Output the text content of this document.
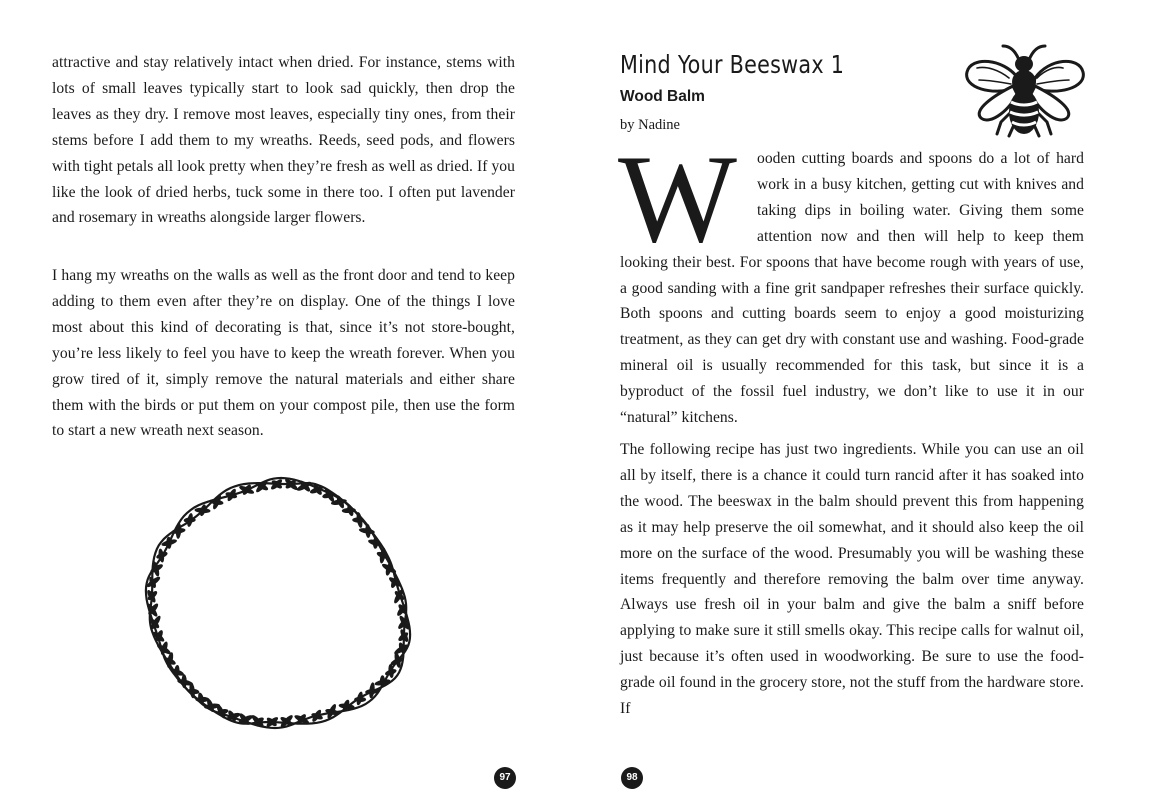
attractive and stay relatively intact when dried. For instance, stems with lots of small leaves typically start to look sad quickly, then drop the leaves as they dry. I remove most leaves, especially tiny ones, from their stems before I add them to my wreaths. Reeds, seed pods, and flowers with tight petals all look pretty when they’re fresh as well as dried. If you like the look of dried herbs, tuck some in there too. I often put lavender and rosemary in wreaths alongside larger flowers.

I hang my wreaths on the walls as well as the front door and tend to keep adding to them even after they’re on display. One of the things I love most about this kind of decorating is that, since it’s not store-bought, you’re less likely to feel you have to keep the wreath forever. When you grow tired of it, simply remove the natural materials and either share them with the birds or put them on your compost pile, then use the form to start a new wreath next season.

97
Mind Your Beeswax 1
Wood Balm

by Nadine

W ooden cutting boards and spoons do a lot of hard work in a busy kitchen, getting cut with knives and taking dips in boiling water. Giving them some attention now and then will help to keep them looking their best. For spoons that have become rough with years of use, a good sanding with a fine grit sandpaper refreshes their surface quickly. Both spoons and cutting boards seem to enjoy a good moisturizing treatment, as they can get dry with constant use and washing. Food-grade mineral oil is usually recommended for this task, but since it is a byproduct of the fossil fuel industry, we don’t like to use it in our “natural” kitchens.

The following recipe has just two ingredients. While you can use an oil all by itself, there is a chance it could turn rancid after it has soaked into the wood. The beeswax in the balm should prevent this from happening as it may help preserve the oil somewhat, and it should also keep the oil more on the surface of the wood. Presumably you will be washing these items frequently and therefore removing the balm over time anyway. Always use fresh oil in your balm and give the balm a sniff before applying to make sure it still smells okay. This recipe calls for walnut oil, just because it’s often used in woodworking. Be sure to use the food-grade oil found in the grocery store, not the stuff from the hardware store. If

98
